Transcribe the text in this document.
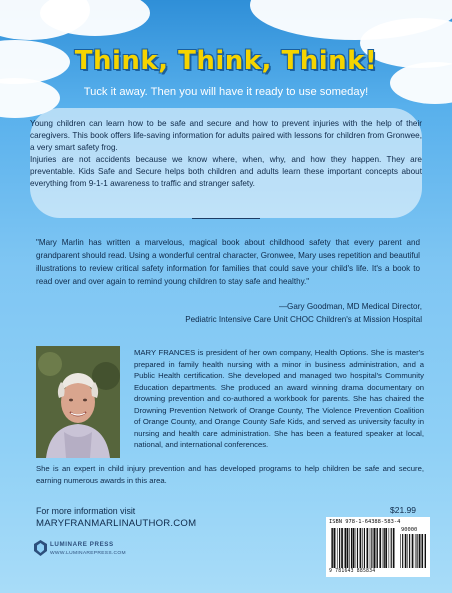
Think, Think, Think!
Tuck it away. Then you will have it ready to use someday!

Young children can learn how to be safe and secure and how to prevent injuries with the help of their caregivers. This book offers life-saving information for adults paired with lessons for children from Gronwee, a very smart safety frog.

Injuries are not accidents because we know where, when, why, and how they happen. They are preventable. Kids Safe and Secure helps both children and adults learn these important concepts about everything from 9-1-1 awareness to traffic and stranger safety.

"Mary Marlin has written a marvelous, magical book about childhood safety that every parent and grandparent should read. Using a wonderful central character, Gronwee, Mary uses repetition and beautiful illustrations to review critical safety information for families that could save your child's life. It's a book to read over and over again to remind young children to stay safe and healthy."
—Gary Goodman, MD Medical Director,
Pediatric Intensive Care Unit CHOC Children's at Mission Hospital
MARY FRANCES is president of her own company, Health Options. She is master's prepared in family health nursing with a minor in business administration, and a Public Health certification. She developed and managed two hospital's Community Education departments. She produced an award winning drama documentary on drowning prevention and co-authored a workbook for parents. She has chaired the Drowning Prevention Network of Orange County, The Violence Prevention Coalition of Orange County, and Orange County Safe Kids, and served as university faculty in nursing and health care administration. She has been a featured speaker at local, national, and international conferences.
She is an expert in child injury prevention and has developed programs to help children be safe and secure, earning numerous awards in this area.
For more information visit
MARYFRANMARLINAUTHOR.COM
$21.99
LUMINARE PRESS
WWW.LUMINAREPRESS.COM
ISBN 978-1-64388-583-4
90000
9 781643 885834
